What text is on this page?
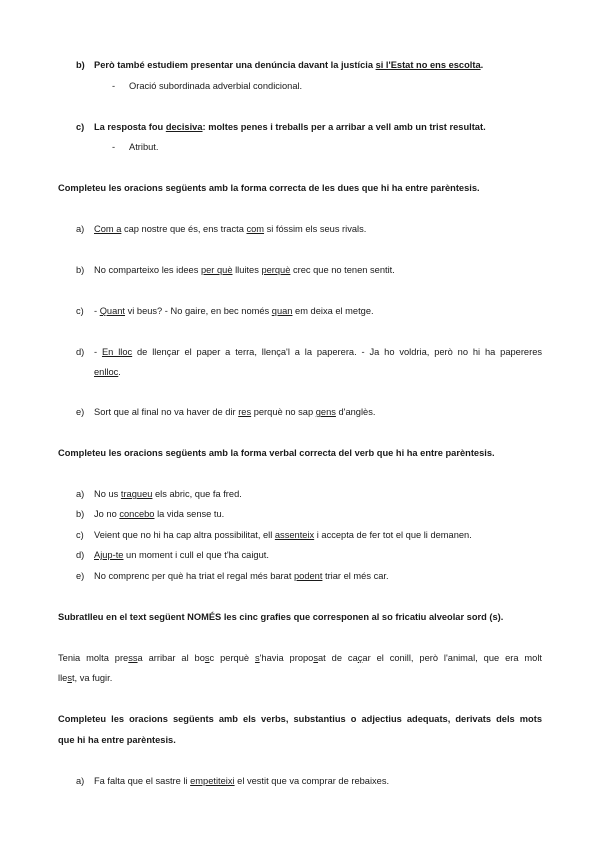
b) Però també estudiem presentar una denúncia davant la justícia si l'Estat no ens escolta.
- Oració subordinada adverbial condicional.
c) La resposta fou decisiva: moltes penes i treballs per a arribar a vell amb un trist resultat.
- Atribut.
Completeu les oracions següents amb la forma correcta de les dues que hi ha entre parèntesis.
a) Com a cap nostre que és, ens tracta com si fóssim els seus rivals.
b) No comparteixo les idees per què lluites perquè crec que no tenen sentit.
c) - Quant vi beus? - No gaire, en bec només quan em deixa el metge.
d) - En lloc de llençar el paper a terra, llença'l a la paperera. - Ja ho voldria, però no hi ha papereres
enlloc.
e) Sort que al final no va haver de dir res perquè no sap gens d'anglès.
Completeu les oracions següents amb la forma verbal correcta del verb que hi ha entre parèntesis.
a) No us tragueu els abric, que fa fred.
b) Jo no concebo la vida sense tu.
c) Veient que no hi ha cap altra possibilitat, ell assenteix i accepta de fer tot el que li demanen.
d) Ajup-te un moment i cull el que t'ha caigut.
e) No comprenc per què ha triat el regal més barat podent triar el més car.
Subratlleu en el text següent NOMÉS les cinc grafies que corresponen al so fricatiu alveolar sord (s).
Tenia molta pressa arribar al bosc perquè s'havia proposat de caçar el conill, però l'animal, que era molt
llest, va fugir.
Completeu les oracions següents amb els verbs, substantius o adjectius adequats, derivats dels mots
que hi ha entre parèntesis.
a) Fa falta que el sastre li empetiteixi el vestit que va comprar de rebaixes.
